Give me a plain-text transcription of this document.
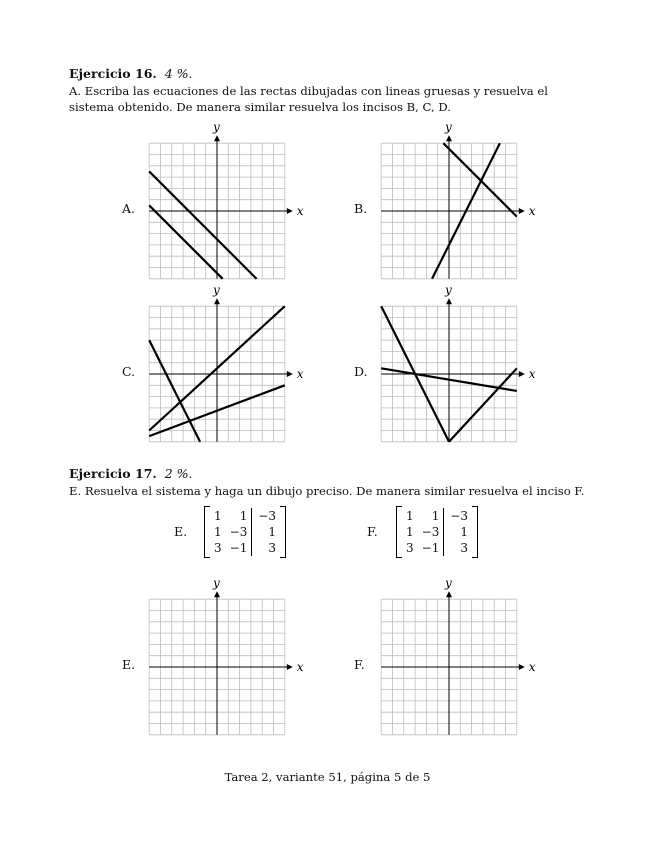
Ejercicio 16. 4 %.
A. Escriba las ecuaciones de las rectas dibujadas con lineas gruesas y resuelva el sistema obtenido. De manera similar resuelva los incisos B, C, D.
A.	B.
C.	D.
x
y
x
y
x
y
x
y
Ejercicio 17. 2 %.
E. Resuelva el sistema y haga un dibujo preciso. De manera similar resuelva el inciso F.
E.
1	1	−3
1	−3	1
3	−1	3
F.
1	1	−3
1	−3	1
3	−1	3
E.	F.
x
y
x
y
Tarea 2, variante 51, página 5 de 5
